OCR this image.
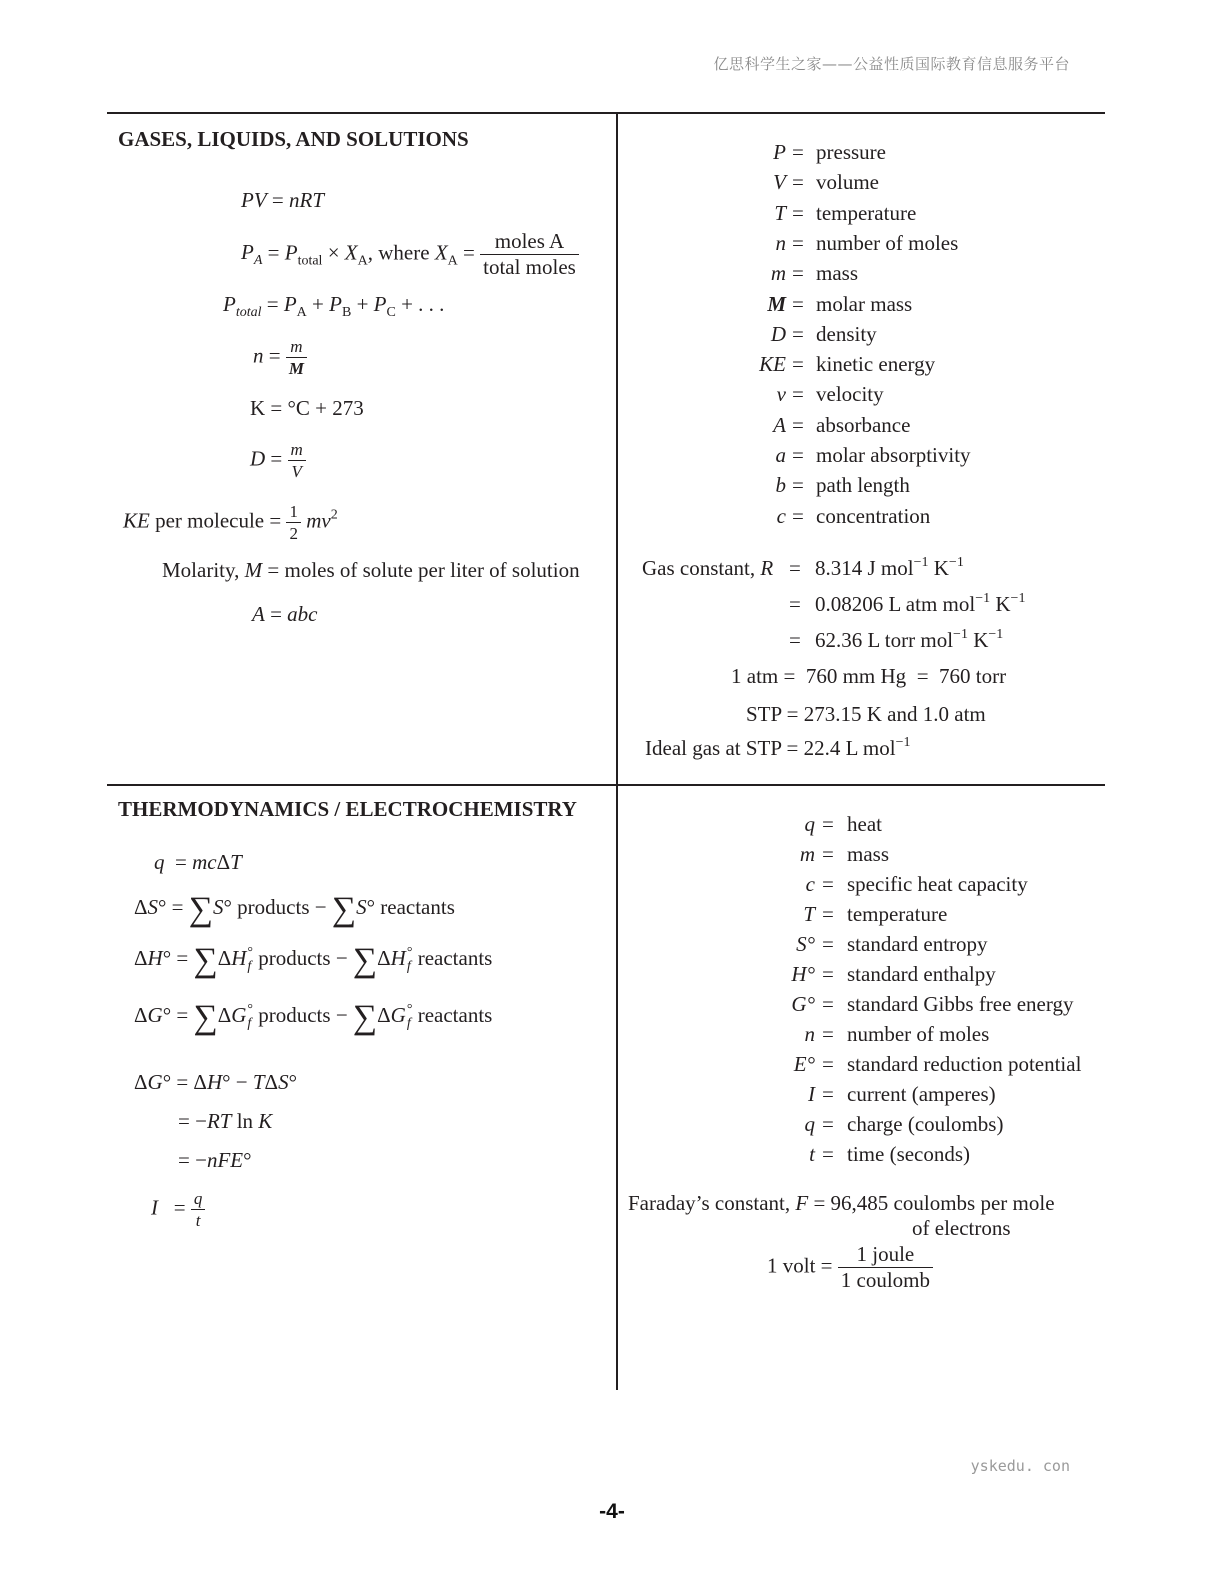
亿思科学生之家——公益性质国际教育信息服务平台
GASES, LIQUIDS, AND SOLUTIONS
PV = nRT
$P_A = P_{total} \times X_A$, where $X_A = \frac{\text{moles A}}{\text{total moles}}$
$P_{total} = P_A + P_B + P_C$ + . . .
$n = \frac{m}{M}$
K = °C + 273
$D = \frac{m}{V}$
KE per molecule = $\frac{1}{2} mv^2$
Molarity, M = moles of solute per liter of solution
A = abc
P = pressure
V = volume
T = temperature
n = number of moles
m = mass
M = molar mass
D = density
KE = kinetic energy
v = velocity
A = absorbance
a = molar absorptivity
b = path length
c = concentration
Gas constant, R = 8.314 J mol$^{-1}$ $K^{-1}$
= 0.08206 L atm mol$^{-1}$ $K^{-1}$
= 62.36 L torr mol$^{-1}$ $K^{-1}$
1 atm =  760 mm Hg  =  760 torr
STP = 273.15 K and 1.0 atm
Ideal gas at STP = 22.4 L mol$^{-1}$
THERMODYNAMICS / ELECTROCHEMISTRY
q  = mcΔT
ΔS° = ∑S° products − ∑S° reactants
ΔH° = ∑ΔH °
f products − ∑ΔH °
f reactants
ΔG° = ∑ΔG °
f products − ∑ΔG °
f reactants
ΔG° = ΔH° − TΔS°
= −RT ln K
= −nFE°
$I = \frac{q}{t}$
q = heat
m = mass
c = specific heat capacity
T = temperature
S° = standard entropy
H° = standard enthalpy
G° = standard Gibbs free energy
n = number of moles
E° = standard reduction potential
I = current (amperes)
q = charge (coulombs)
t = time (seconds)
Faraday’s constant, F = 96,485 coulombs per mole
of electrons
1 volt = $\frac{\text{1 joule}}{\text{1 coulomb}}$
yskedu. con
-4-
